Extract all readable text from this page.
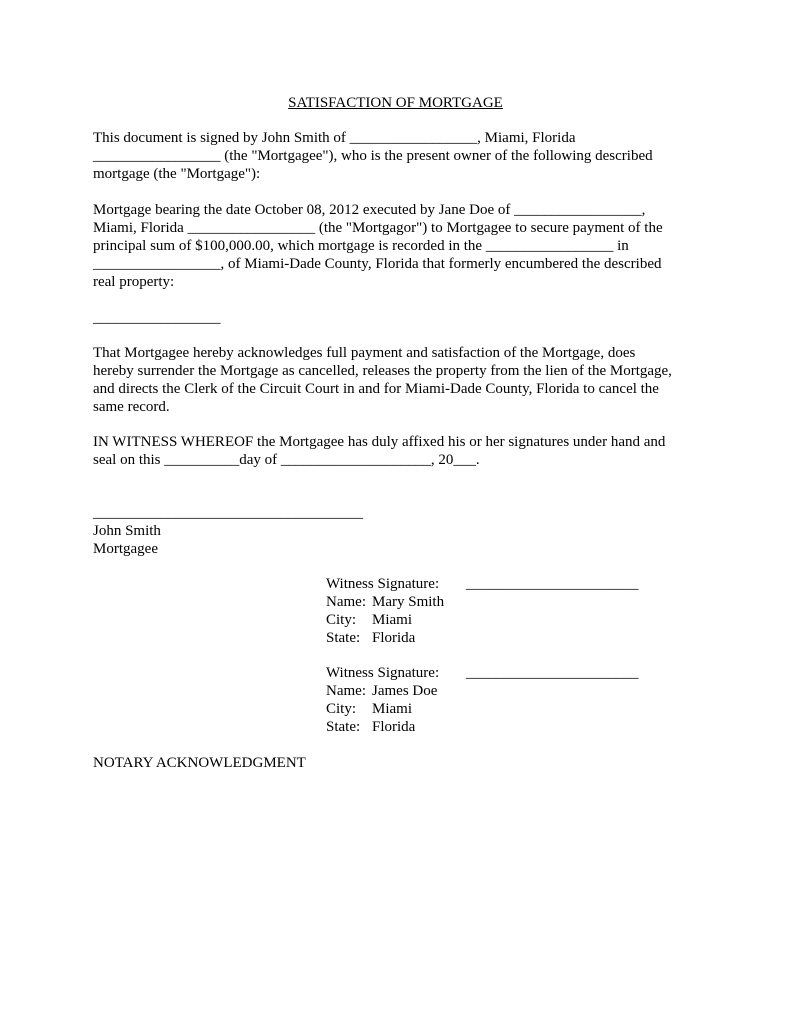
SATISFACTION OF MORTGAGE
This document is signed by John Smith of _________________, Miami, Florida
_________________ (the "Mortgagee"), who is the present owner of the following described
mortgage (the "Mortgage"):
Mortgage bearing the date October 08, 2012 executed by Jane Doe of _________________,
Miami, Florida _________________ (the "Mortgagor") to Mortgagee to secure payment of the
principal sum of $100,000.00, which mortgage is recorded in the _________________ in
_________________, of Miami-Dade County, Florida that formerly encumbered the described
real property:
_________________
That Mortgagee hereby acknowledges full payment and satisfaction of the Mortgage, does
hereby surrender the Mortgage as cancelled, releases the property from the lien of the Mortgage,
and directs the Clerk of the Circuit Court in and for Miami-Dade County, Florida to cancel the
same record.
IN WITNESS WHEREOF the Mortgagee has duly affixed his or her signatures under hand and
seal on this __________day of ____________________, 20___.
____________________________________
John Smith
Mortgagee
Witness Signature: _______________________
Name: Mary Smith
City: Miami
State: Florida
Witness Signature: _______________________
Name: James Doe
City: Miami
State: Florida
NOTARY ACKNOWLEDGMENT
